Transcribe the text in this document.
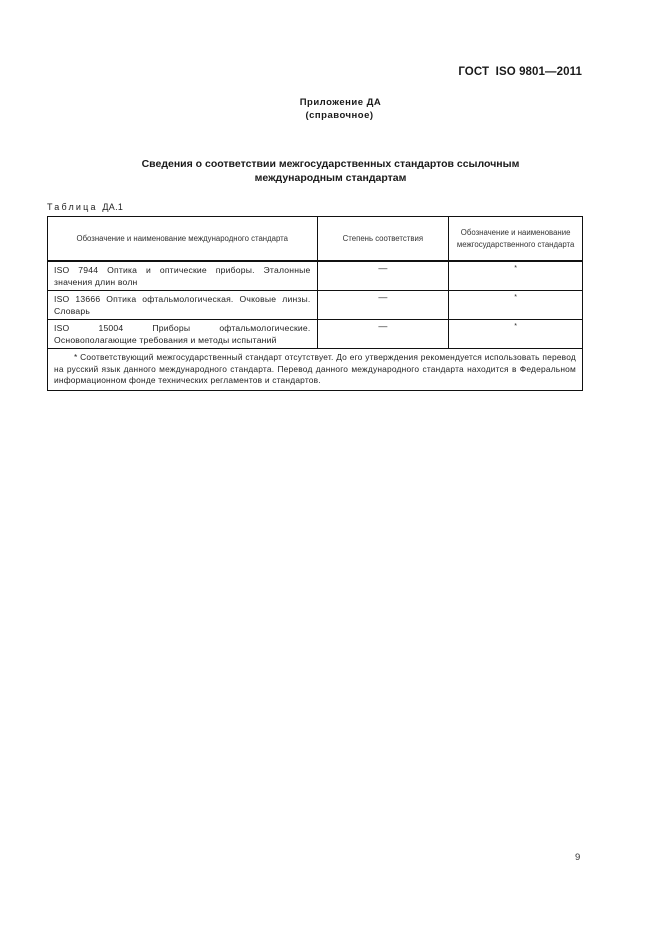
ГОСТ  ISO 9801—2011
Приложение ДА
(справочное)
Сведения о соответствии межгосударственных стандартов ссылочным
международным стандартам
Таблица ДА.1
Обозначение и наименование международного стандарта	Степень соответствия	Обозначение и наименование межгосударственного стандарта
ISO 7944 Оптика и оптические приборы. Эталонные значения длин волн	—	*
ISO 13666 Оптика офтальмологическая. Очковые линзы. Словарь	—	*
ISO 15004 Приборы офтальмологические. Основополагающие требования и методы испытаний	—	*
* Соответствующий межгосударственный стандарт отсутствует. До его утверждения рекомендуется использовать перевод на русский язык данного международного стандарта. Перевод данного международного стандарта находится в Федеральном информационном фонде технических регламентов и стандартов.		
9
